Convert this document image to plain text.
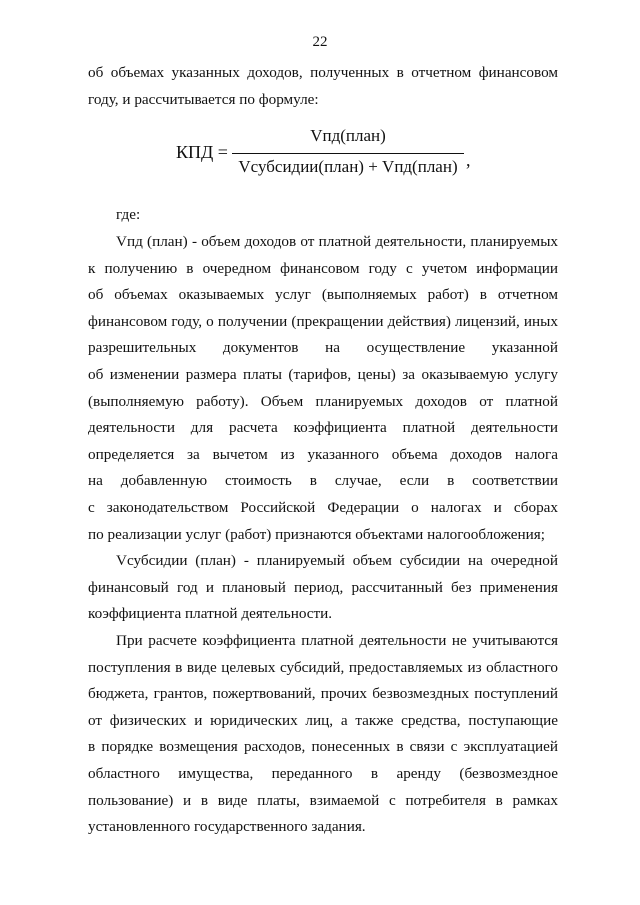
22
об объемах указанных доходов, полученных в отчетном финансовом
году, и рассчитывается по формуле:
КПД =
Vпд(план)
Vсубсидии(план) + Vпд(план) ,
где:
Vпд (план) - объем доходов от платной деятельности, планируемых
к получению в очередном финансовом году с учетом информации
об объемах оказываемых услуг (выполняемых работ) в отчетном
финансовом году, о получении (прекращении действия) лицензий, иных
разрешительных документов на осуществление указанной
об изменении размера платы (тарифов, цены) за оказываемую услугу
(выполняемую работу). Объем планируемых доходов от платной
деятельности для расчета коэффициента платной деятельности
определяется за вычетом из указанного объема доходов налога
на добавленную стоимость в случае, если в соответствии
с законодательством Российской Федерации о налогах и сборах
по реализации услуг (работ) признаются объектами налогообложения;
Vсубсидии (план) - планируемый объем субсидии на очередной
финансовый год и плановый период, рассчитанный без применения
коэффициента платной деятельности.
При расчете коэффициента платной деятельности не учитываются
поступления в виде целевых субсидий, предоставляемых из областного
бюджета, грантов, пожертвований, прочих безвозмездных поступлений
от физических и юридических лиц, а также средства, поступающие
в порядке возмещения расходов, понесенных в связи с эксплуатацией
областного имущества, переданного в аренду (безвозмездное
пользование) и в виде платы, взимаемой с потребителя в рамках
установленного государственного задания.
